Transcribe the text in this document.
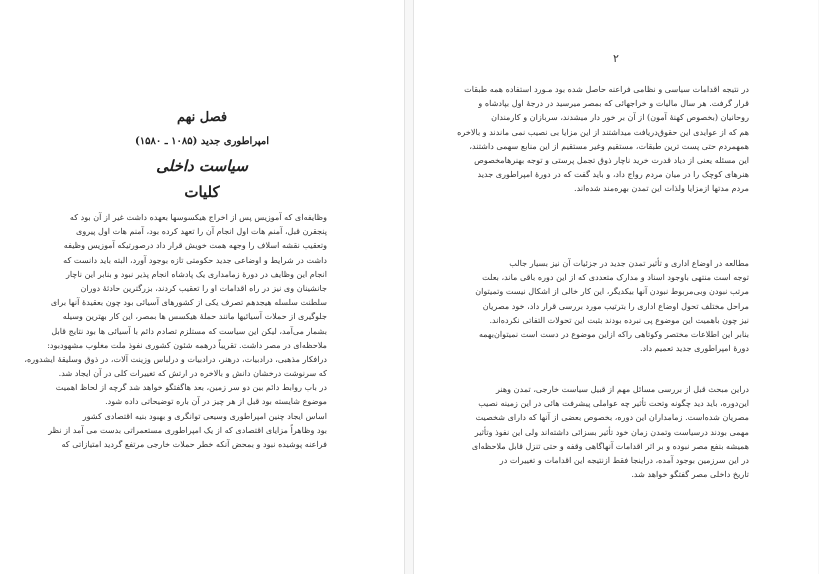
فصل نهم
امپراطوری جدید (۱۰۸۵ ـ ۱۵۸۰)
سیاست داخلی
کلیات
وظایفه‌ای که آموزیس پس از اخراج هیکسوسها بعهده داشت غیر از آن بود که
پنجقرن قبل، آمنم هات اول انجام آن را تعهد کرده بود، آمنم هات اول پیروی
وتعقیب نقشه اسلاف را وجهه همت خویش قرار داد درصورتیکه آموزیس وظیفه
داشت در شرایط و اوضاعی جدید حکومتی تازه بوجود آورد، البته باید دانست که
انجام این وظایف در دورهٔ زمامداری یک پادشاه انجام پذیر نبود و بنابر این ناچار
جانشینان وی نیز در راه اقدامات او را تعقیب کردند، بزرگترین حادثهٔ دوران
سلطنت سلسله هیجدهم تصرف یکی از کشورهای آسیائی بود چون بعقیدهٔ آنها برای
جلوگیری از حملات آسیائیها مانند حملهٔ هیکسس ها بمصر، این کار بهترین وسیله
بشمار می‌آمد، لیکن این سیاست که مستلزم تصادم دائم با آسیائی ها بود نتایج قابل
ملاحظه‌ای در مصر داشت. تقریباً درهمه شئون کشوری نفوذ ملت مغلوب مشهودبود:
درافکار مذهبی، درادبیات، درهنر، درادبیات و درلباس وزینت آلات، در ذوق وسلیقهٔ ایشدوره،
که سرنوشت درخشان دانش و بالاخره در ارتش که تغییرات کلی در آن ایجاد شد.
در باب روابط دائم بین دو سر زمین، بعد هاگفتگو خواهد شد گرچه از لحاظ اهمیت
موضوع شایسته بود قبل از هر چیز در آن باره توضیحاتی داده شود.
اساس ایجاد چنین امپراطوری وسیعی توانگری و بهبود بنیه اقتصادی کشور
بود وظاهراً مزایای اقتصادی که از یک امپراطوری مستعمراتی بدست می آمد از نظر
فراعنه پوشیده نبود و بمحض آنکه خطر حملات خارجی مرتفع گردید امتیازاتی که
۲
در نتیجه اقدامات سیاسی و نظامی فراعنه حاصل شده بود مـورد استفاده همه طبقات
قرار گرفت. هر سال مالیات و خراجهائی که بمصر میرسید در درجهٔ اول بپادشاه و
روحانیان (بخصوص کهنهٔ آمون) از آن بر خور دار میشدند، سربازان و کارمندان
هم که از عوایدی این حقوق‌دریافت میداشتند از این مزایا بی نصیب نمی ماندند و بالاخره
همهمردم حتی پست ترین طبقات، مستقیم وغیر مستقیم از این منابع سهمی داشتند،
این مسئله یعنی از دیاد قدرت خرید ناچار ذوق تجمل پرستی و توجه بهنرهامخصوص
هنرهای کوچک را در میان مردم رواج داد، و باید گفت که در دورهٔ امپراطوری جدید
مردم مدتها ازمزایا ولذات این تمدن بهره‌مند شده‌اند.
مطالعه در اوضاع اداری و تأثیر تمدن جدید در جزئیات آن نیز بسیار جالب
توجه است منتهی باوجود اسناد و مدارک متعددی که از این دوره باقی ماند، بعلت
مرتب نبودن وبی‌مربوط نبودن آنها بیکدیگر، این کار خالی از اشکال نیست وتمیتوان
مراحل مختلف تحول اوضاع اداری را بترتیب مورد بررسی قرار داد، خود مصریان
نیز چون باهمیت این موضوع پی نبرده بودند بثبت این تحولات التفاتی نکرده‌اند.
بنابر این اطلاعات مختصر وکوتاهی راکه ازاین موضوع در دست است نمیتوان‌بهمه
دورهٔ امپراطوری جدید تعمیم داد.
دراین مبحث قبل از بررسی مسائل مهم از قبیل سیاست خارجی، تمدن وهنر
این‌دوره، باید دید چگونه وتحت تأثیر چه عواملی پیشرفت هائی در این زمینه نصیب
مصریان شده‌است. زمامداران این دوره، بخصوص بعضی از آنها که دارای شخصیت
مهمی بودند درسیاست وتمدن زمان خود تأثیر بسزائی داشته‌اند ولی این نفوذ وتأثیر
همیشه بنفع مصر نبوده و بر اثر اقدامات آنهاگاهی وقفه و حتی تنزل قابل ملاحظه‌ای
در این سرزمین بوجود آمده، دراینجا فقط ازنتیجه این اقدامات و تغییرات در
تاریخ داخلی مصر گفتگو خواهد شد.
